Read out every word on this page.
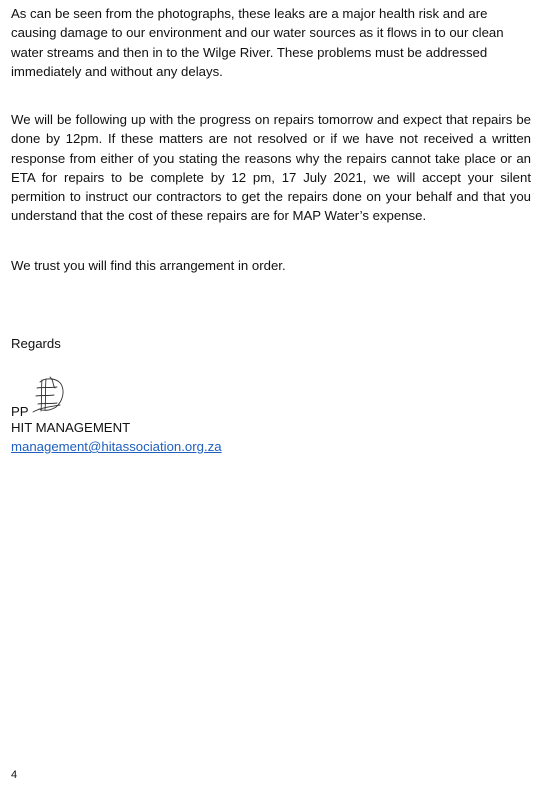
As can be seen from the photographs, these leaks are a major health risk and are causing damage to our environment and our water sources as it flows in to our clean water streams and then in to the Wilge River. These problems must be addressed immediately and without any delays.

We will be following up with the progress on repairs tomorrow and expect that repairs be done by 12pm. If these matters are not resolved or if we have not received a written response from either of you stating the reasons why the repairs cannot take place or an ETA for repairs to be complete by 12 pm, 17 July 2021, we will accept your silent permition to instruct our contractors to get the repairs done on your behalf and that you understand that the cost of these repairs are for MAP Water’s expense.

We trust you will find this arrangement in order.

Regards

PP

HIT MANAGEMENT

management@hitassociation.org.za
4
